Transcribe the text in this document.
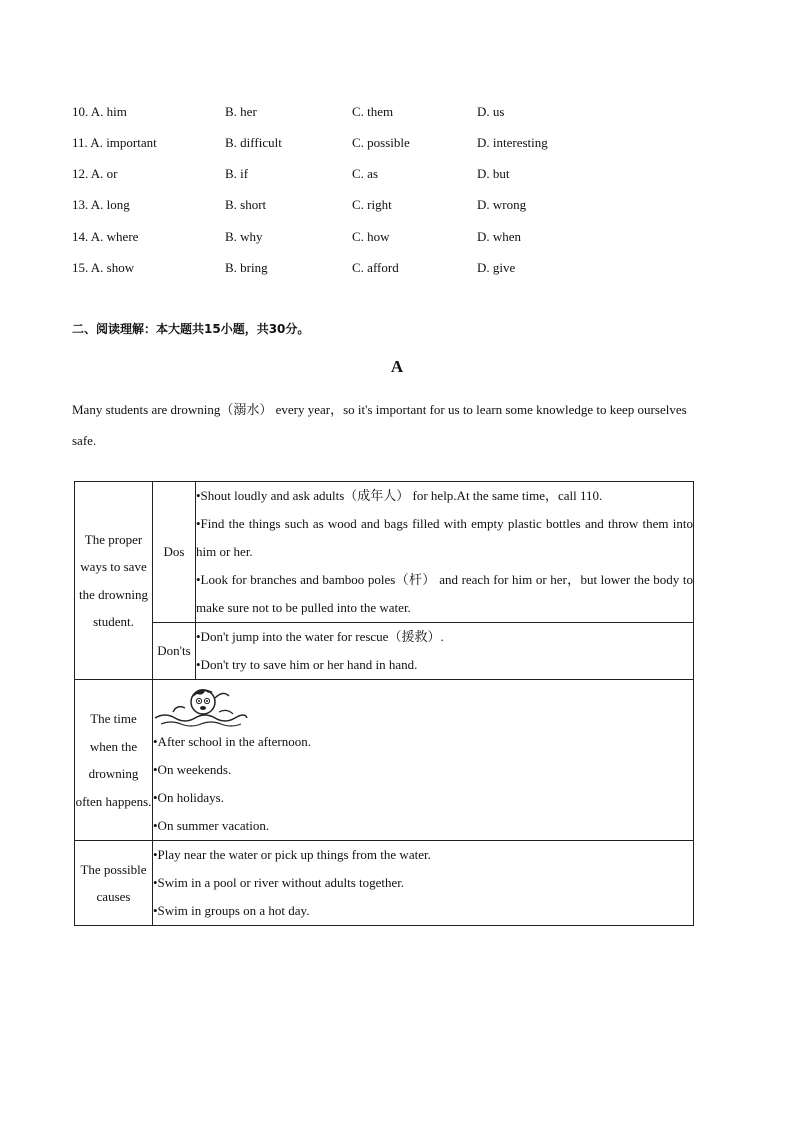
10. A. him	B. her	C. them	D. us
11. A. important	B. difficult	C. possible	D. interesting
12. A. or	B. if	C. as	D. but
13. A. long	B. short	C. right	D. wrong
14. A. where	B. why	C. how	D. when
15. A. show	B. bring	C. afford	D. give
二、阅读理解：本大题共15小题，共30分。
A
Many students are drowning（溺水） every year，so it's important for us to learn some knowledge to keep ourselves safe.
The proper ways to save the drowning student.	Dos	•Shout loudly and ask adults（成年人） for help.At the same time，call 110.
•Find the things such as wood and bags filled with empty plastic bottles and throw them into him or her.
•Look for branches and bamboo poles（杆） and reach for him or her，but lower the body to make sure not to be pulled into the water.

	Don'ts	•Don't jump into the water for rescue（援救）.
•Don't try to save him or her hand in hand.

The time when the drowning often happens.	•After school in the afternoon.
•On weekends.
•On holidays.
•On summer vacation.	

The possible causes	•Play near the water or pick up things from the water.
•Swim in a pool or river without adults together.
•Swim in groups on a hot day.	
